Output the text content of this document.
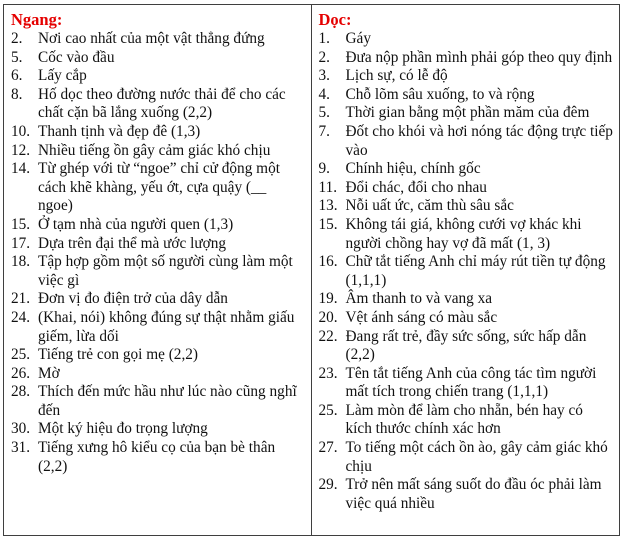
Ngang:
2.	Nơi cao nhất của một vật thẳng đứng
5.	Cốc vào đầu
6.	Lấy cắp
8.	Hố dọc theo đường nước thải để cho các chất cặn bã lắng xuống (2,2)
10. Thanh tịnh và đẹp đê (1,3)
12. Nhiều tiếng ồn gây cảm giác khó chịu
14. Từ ghép với từ “ngoe” chỉ cử động một cách khẽ khàng, yếu ớt, cựa quậy (__ ngoe)
15. Ở tạm nhà của người quen (1,3)
17. Dựa trên đại thể mà ước lượng
18. Tập hợp gồm một số người cùng làm một việc gì
21. Đơn vị đo điện trở của dây dẫn
24. (Khai, nói) không đúng sự thật nhằm giấu giếm, lừa dối
25. Tiếng trẻ con gọi mẹ (2,2)
26. Mờ
28. Thích đến mức hầu như lúc nào cũng nghĩ đến
30. Một ký hiệu đo trọng lượng
31. Tiếng xưng hô kiểu cọ của bạn bè thân (2,2)
Dọc:
1.	Gáy
2.	Đưa nộp phần mình phải góp theo quy định
3.	Lịch sự, có lễ độ
4.	Chỗ lõm sâu xuống, to và rộng
5.	Thời gian bằng một phần măm của đêm
7.	Đốt cho khói và hơi nóng tác động trực tiếp vào
9.	Chính hiệu, chính gốc
11. Đổi chác, đổi cho nhau
13. Nỗi uất ức, căm thù sâu sắc
15. Không tái giá, không cưới vợ khác khi người chồng hay vợ đã mất (1, 3)
16. Chữ tắt tiếng Anh chỉ máy rút tiền tự động (1,1,1)
19. Âm thanh to và vang xa
20. Vệt ánh sáng có màu sắc
22. Đang rất trẻ, đầy sức sống, sức hấp dẫn (2,2)
23. Tên tắt tiếng Anh của công tác tìm người mất tích trong chiến trang (1,1,1)
25. Làm mòn để làm cho nhẵn, bén hay có kích thước chính xác hơn
27. To tiếng một cách ồn ào, gây cảm giác khó chịu
29. Trở nên mất sáng suốt do đầu óc phải làm việc quá nhiều
